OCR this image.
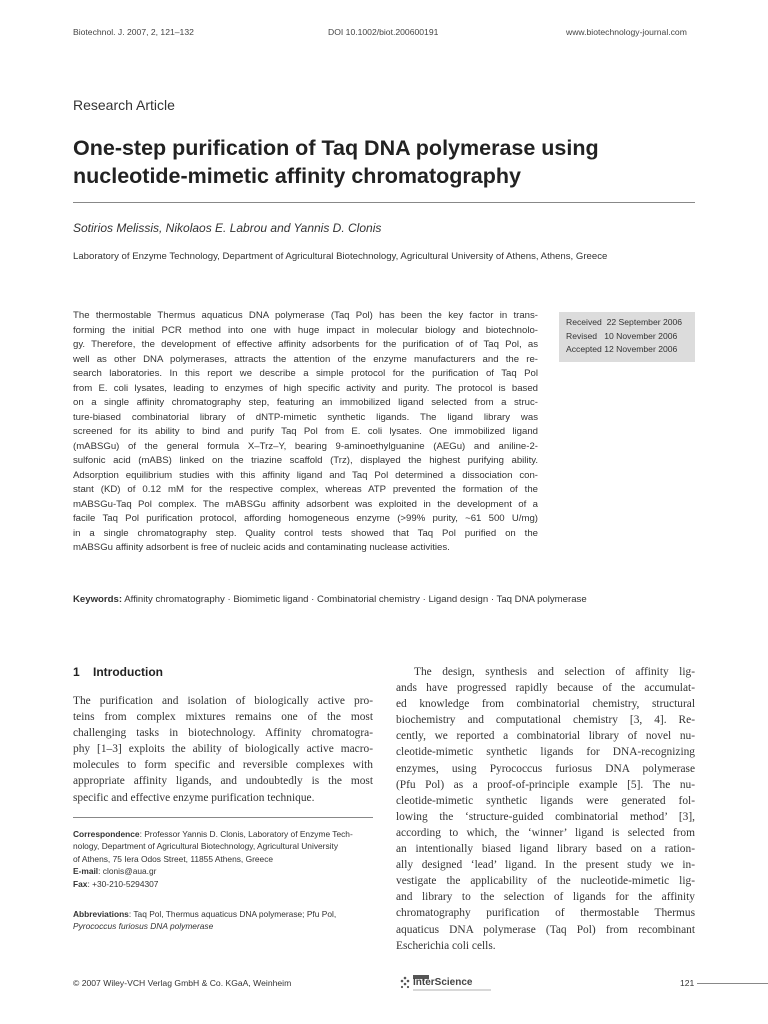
Biotechnol. J. 2007, 2, 121–132	DOI 10.1002/biot.200600191	www.biotechnology-journal.com
Research Article
One-step purification of Taq DNA polymerase using
nucleotide-mimetic affinity chromatography
Sotirios Melissis, Nikolaos E. Labrou and Yannis D. Clonis
Laboratory of Enzyme Technology, Department of Agricultural Biotechnology, Agricultural University of Athens, Athens, Greece
The thermostable Thermus aquaticus DNA polymerase (Taq Pol) has been the key factor in trans-
forming the initial PCR method into one with huge impact in molecular biology and biotechnolo-
gy. Therefore, the development of effective affinity adsorbents for the purification of of Taq Pol, as
well as other DNA polymerases, attracts the attention of the enzyme manufacturers and the re-
search laboratories. In this report we describe a simple protocol for the purification of Taq Pol
from E. coli lysates, leading to enzymes of high specific activity and purity. The protocol is based
on a single affinity chromatography step, featuring an immobilized ligand selected from a struc-
ture-biased combinatorial library of dNTP-mimetic synthetic ligands. The ligand library was
screened for its ability to bind and purify Taq Pol from E. coli lysates. One immobilized ligand
(mABSGu) of the general formula X–Trz–Y, bearing 9-aminoethylguanine (AEGu) and aniline-2-
sulfonic acid (mABS) linked on the triazine scaffold (Trz), displayed the highest purifying ability.
Adsorption equilibrium studies with this affinity ligand and Taq Pol determined a dissociation con-
stant (KD) of 0.12 mM for the respective complex, whereas ATP prevented the formation of the
mABSGu-Taq Pol complex. The mABSGu affinity adsorbent was exploited in the development of a
facile Taq Pol purification protocol, affording homogeneous enzyme (>99% purity, ~61 500 U/mg)
in a single chromatography step. Quality control tests showed that Taq Pol purified on the
mABSGu affinity adsorbent is free of nucleic acids and contaminating nuclease activities.
Received  22 September 2006
Revised   10 November 2006
Accepted 12 November 2006
Keywords: Affinity chromatography · Biomimetic ligand · Combinatorial chemistry · Ligand design · Taq DNA polymerase
1 Introduction
The purification and isolation of biologically active pro-
teins from complex mixtures remains one of the most
challenging tasks in biotechnology. Affinity chromatogra-
phy [1–3] exploits the ability of biologically active macro-
molecules to form specific and reversible complexes with
appropriate affinity ligands, and undoubtedly is the most
specific and effective enzyme purification technique.
The design, synthesis and selection of affinity lig-
ands have progressed rapidly because of the accumulat-
ed knowledge from combinatorial chemistry, structural
biochemistry and computational chemistry [3, 4]. Re-
cently, we reported a combinatorial library of novel nu-
cleotide-mimetic synthetic ligands for DNA-recognizing
enzymes, using Pyrococcus furiosus DNA polymerase
(Pfu Pol) as a proof-of-principle example [5]. The nu-
cleotide-mimetic synthetic ligands were generated fol-
lowing the ‘structure-guided combinatorial method’ [3],
according to which, the ‘winner’ ligand is selected from
an intentionally biased ligand library based on a ration-
ally designed ‘lead’ ligand. In the present study we in-
vestigate the applicability of the nucleotide-mimetic lig-
and library to the selection of ligands for the affinity
chromatography purification of thermostable Thermus
aquaticus DNA polymerase (Taq Pol) from recombinant
Escherichia coli cells.
Correspondence: Professor Yannis D. Clonis, Laboratory of Enzyme Tech-
nology, Department of Agricultural Biotechnology, Agricultural University
of Athens, 75 Iera Odos Street, 11855 Athens, Greece
E-mail: clonis@aua.gr
Fax: +30-210-5294307
Abbreviations: Taq Pol, Thermus aquaticus DNA polymerase; Pfu Pol,
Pyrococcus furiosus DNA polymerase
© 2007 Wiley-VCH Verlag GmbH & Co. KGaA, Weinheim	InterScience	121
